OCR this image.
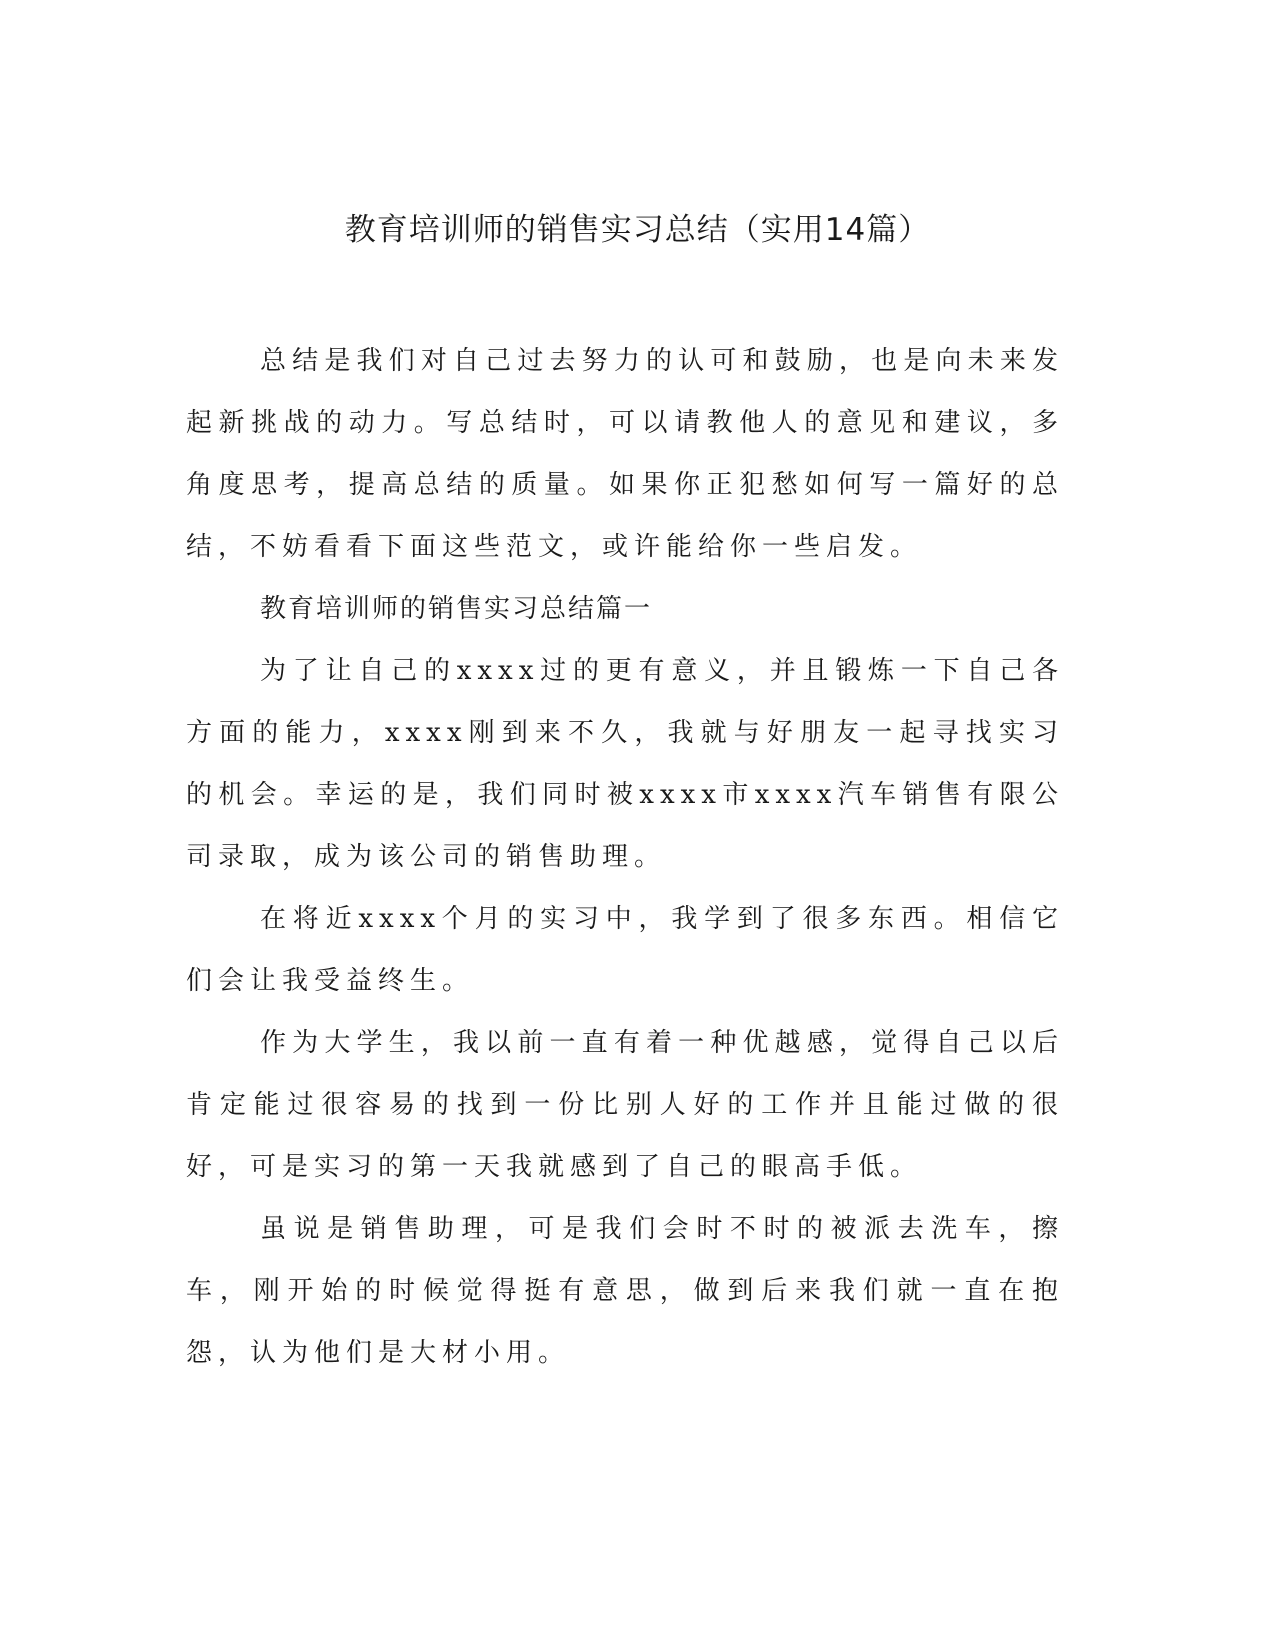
教育培训师的销售实习总结（实用14篇）

总结是我们对自己过去努力的认可和鼓励，也是向未来发起新挑战的动力。写总结时，可以请教他人的意见和建议，多角度思考，提高总结的质量。如果你正犯愁如何写一篇好的总结，不妨看看下面这些范文，或许能给你一些启发。

教育培训师的销售实习总结篇一

为了让自己的xxxx过的更有意义，并且锻炼一下自己各方面的能力，xxxx刚到来不久，我就与好朋友一起寻找实习的机会。幸运的是，我们同时被xxxx市xxxx汽车销售有限公司录取，成为该公司的销售助理。

在将近xxxx个月的实习中，我学到了很多东西。相信它们会让我受益终生。

作为大学生，我以前一直有着一种优越感，觉得自己以后肯定能过很容易的找到一份比别人好的工作并且能过做的很好，可是实习的第一天我就感到了自己的眼高手低。

虽说是销售助理，可是我们会时不时的被派去洗车，擦车，刚开始的时候觉得挺有意思，做到后来我们就一直在抱怨，认为他们是大材小用。
